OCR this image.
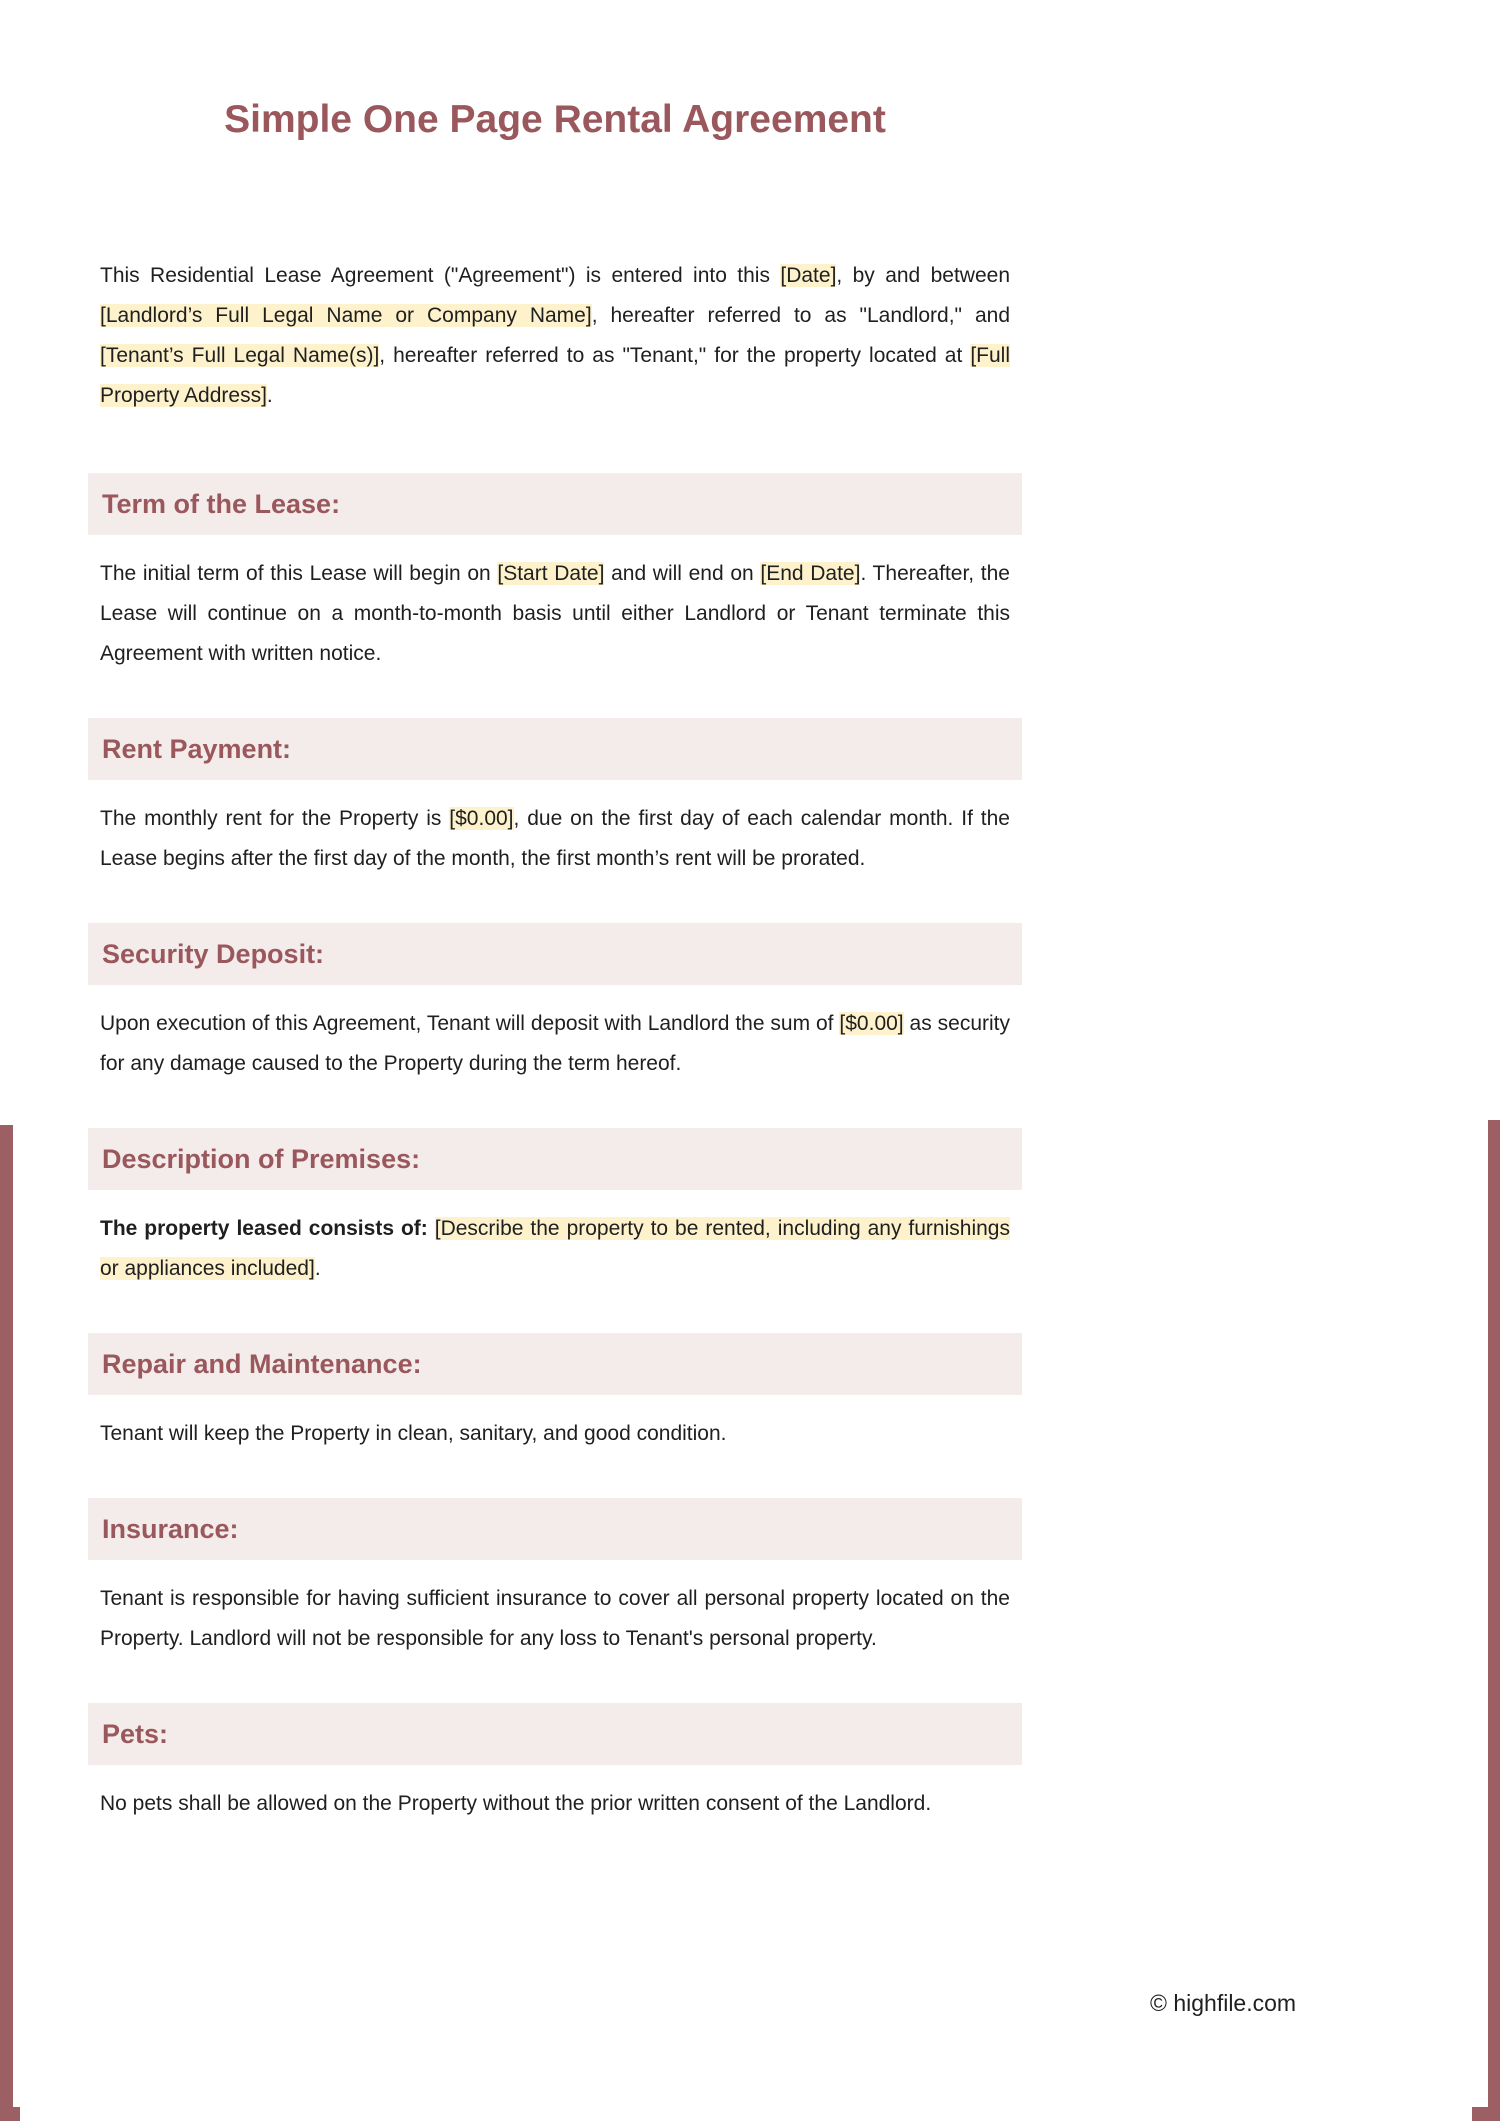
Simple One Page Rental Agreement

This Residential Lease Agreement ("Agreement") is entered into this [Date], by and between [Landlord’s Full Legal Name or Company Name], hereafter referred to as "Landlord," and [Tenant’s Full Legal Name(s)], hereafter referred to as "Tenant," for the property located at [Full Property Address].

Term of the Lease:

The initial term of this Lease will begin on [Start Date] and will end on [End Date]. Thereafter, the Lease will continue on a month-to-month basis until either Landlord or Tenant terminate this Agreement with written notice.

Rent Payment:

The monthly rent for the Property is [$0.00], due on the first day of each calendar month. If the Lease begins after the first day of the month, the first month’s rent will be prorated.

Security Deposit:

Upon execution of this Agreement, Tenant will deposit with Landlord the sum of [$0.00] as security for any damage caused to the Property during the term hereof.

Description of Premises:

The property leased consists of: [Describe the property to be rented, including any furnishings or appliances included].

Repair and Maintenance:

Tenant will keep the Property in clean, sanitary, and good condition.

Insurance:

Tenant is responsible for having sufficient insurance to cover all personal property located on the Property. Landlord will not be responsible for any loss to Tenant's personal property.

Pets:

No pets shall be allowed on the Property without the prior written consent of the Landlord.

© highfile.com
